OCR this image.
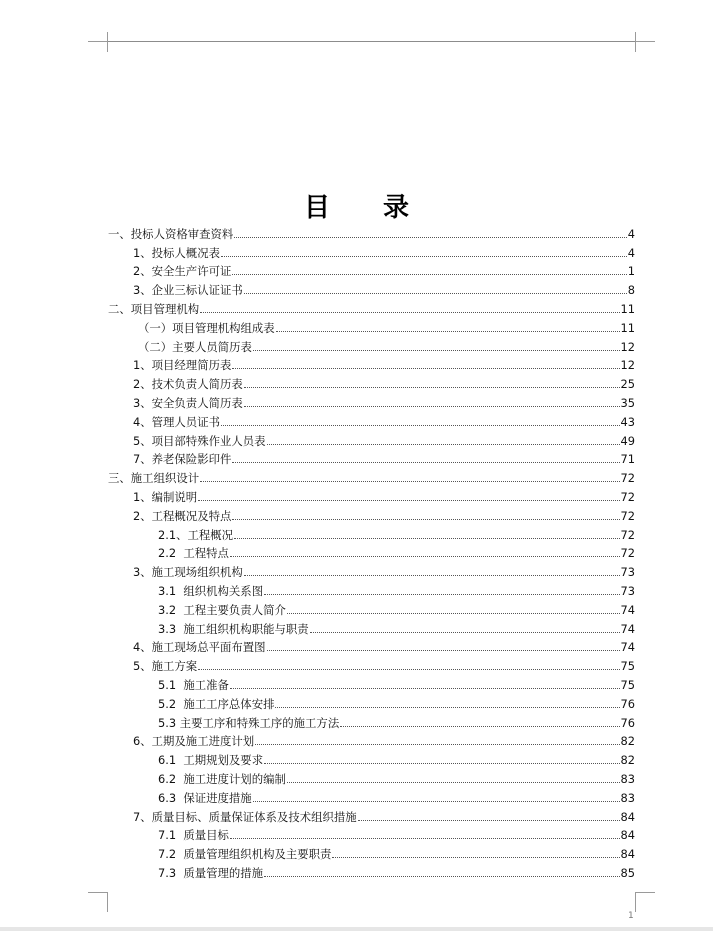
目 录
一、投标人资格审查资料	4
1、投标人概况表	4
2、安全生产许可证	1
3、企业三标认证证书	8
二、项目管理机构	11
（一）项目管理机构组成表	11
（二）主要人员简历表	12
1、项目经理简历表	12
2、技术负责人简历表	25
3、安全负责人简历表	35
4、管理人员证书	43
5、项目部特殊作业人员表	49
7、养老保险影印件	71
三、施工组织设计	72
1、编制说明	72
2、工程概况及特点	72
2.1、工程概况	72
2.2  工程特点	72
3、施工现场组织机构	73
3.1  组织机构关系图	73
3.2  工程主要负责人简介	74
3.3  施工组织机构职能与职责	74
4、施工现场总平面布置图	74
5、施工方案	75
5.1  施工准备	75
5.2  施工工序总体安排	76
5.3 主要工序和特殊工序的施工方法	76
6、工期及施工进度计划	82
6.1  工期规划及要求	82
6.2  施工进度计划的编制	83
6.3  保证进度措施	83
7、质量目标、质量保证体系及技术组织措施	84
7.1  质量目标	84
7.2  质量管理组织机构及主要职责	84
7.3  质量管理的措施	85
1
